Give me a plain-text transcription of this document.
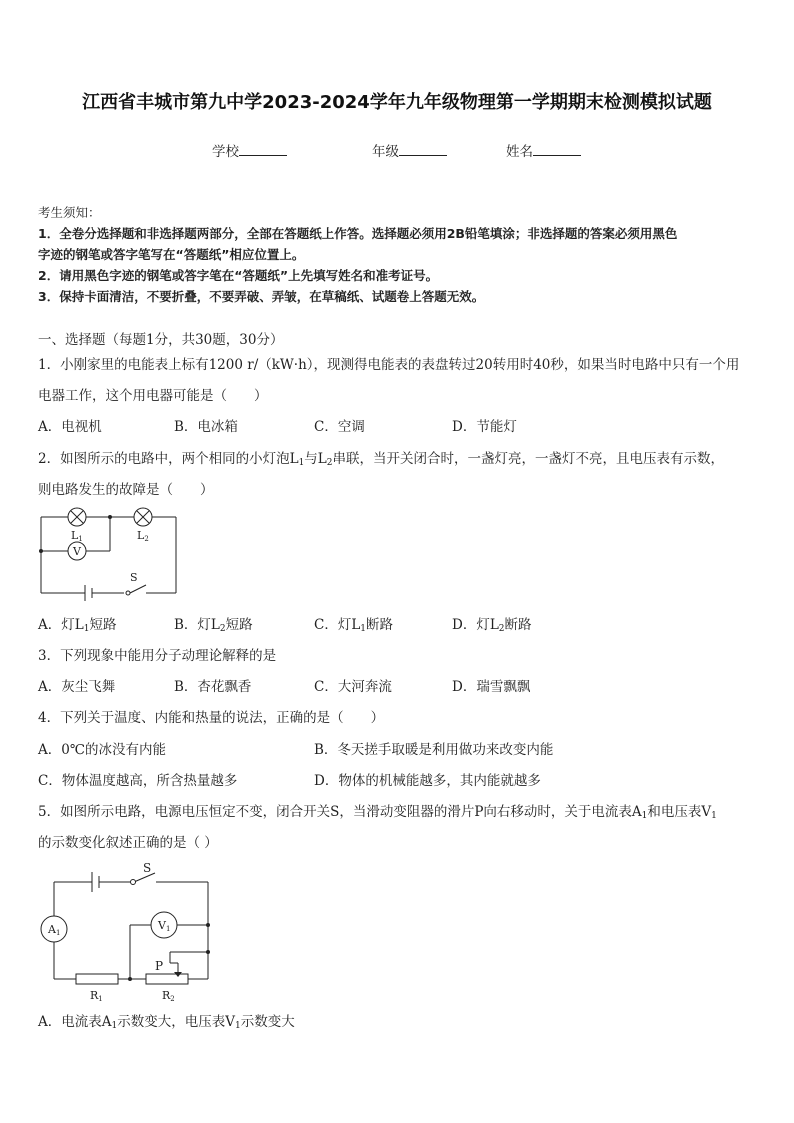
江西省丰城市第九中学2023-2024学年九年级物理第一学期期末检测模拟试题
学校	年级	姓名
考生须知：
1．全卷分选择题和非选择题两部分，全部在答题纸上作答。选择题必须用2B铅笔填涂；非选择题的答案必须用黑色
字迹的钢笔或答字笔写在“答题纸”相应位置上。
2．请用黑色字迹的钢笔或答字笔在“答题纸”上先填写姓名和准考证号。
3．保持卡面清洁，不要折叠，不要弄破、弄皱，在草稿纸、试题卷上答题无效。
一、选择题（每题1分，共30题，30分）
1．小刚家里的电能表上标有1200 r/（kW·h），现测得电能表的表盘转过20转用时40秒，如果当时电路中只有一个用
电器工作，这个用电器可能是（　　）
A．电视机	B．电冰箱	C．空调	D．节能灯
2．如图所示的电路中，两个相同的小灯泡$L_1$与$L_2$串联，当开关闭合时，一盏灯亮，一盏灯不亮，且电压表有示数，
则电路发生的故障是（　　）
V
L1	L2
S
A．灯$L_1$短路	B．灯$L_2$短路	C．灯$L_1$断路	D．灯$L_2$断路
3．下列现象中能用分子动理论解释的是
A．灰尘飞舞	B．杏花飘香	C．大河奔流	D．瑞雪飘飘
4．下列关于温度、内能和热量的说法，正确的是（　　）
A．0℃的冰没有内能	B．冬天搓手取暖是利用做功来改变内能
C．物体温度越高，所含热量越多	D．物体的机械能越多，其内能就越多
5．如图所示电路，电源电压恒定不变，闭合开关S，当滑动变阻器的滑片P向右移动时，关于电流表$A_1$和电压表$V_1$
的示数变化叙述正确的是（ ）
S
A1
V1
P
R1	R2
A．电流表$A_1$示数变大，电压表$V_1$示数变大
